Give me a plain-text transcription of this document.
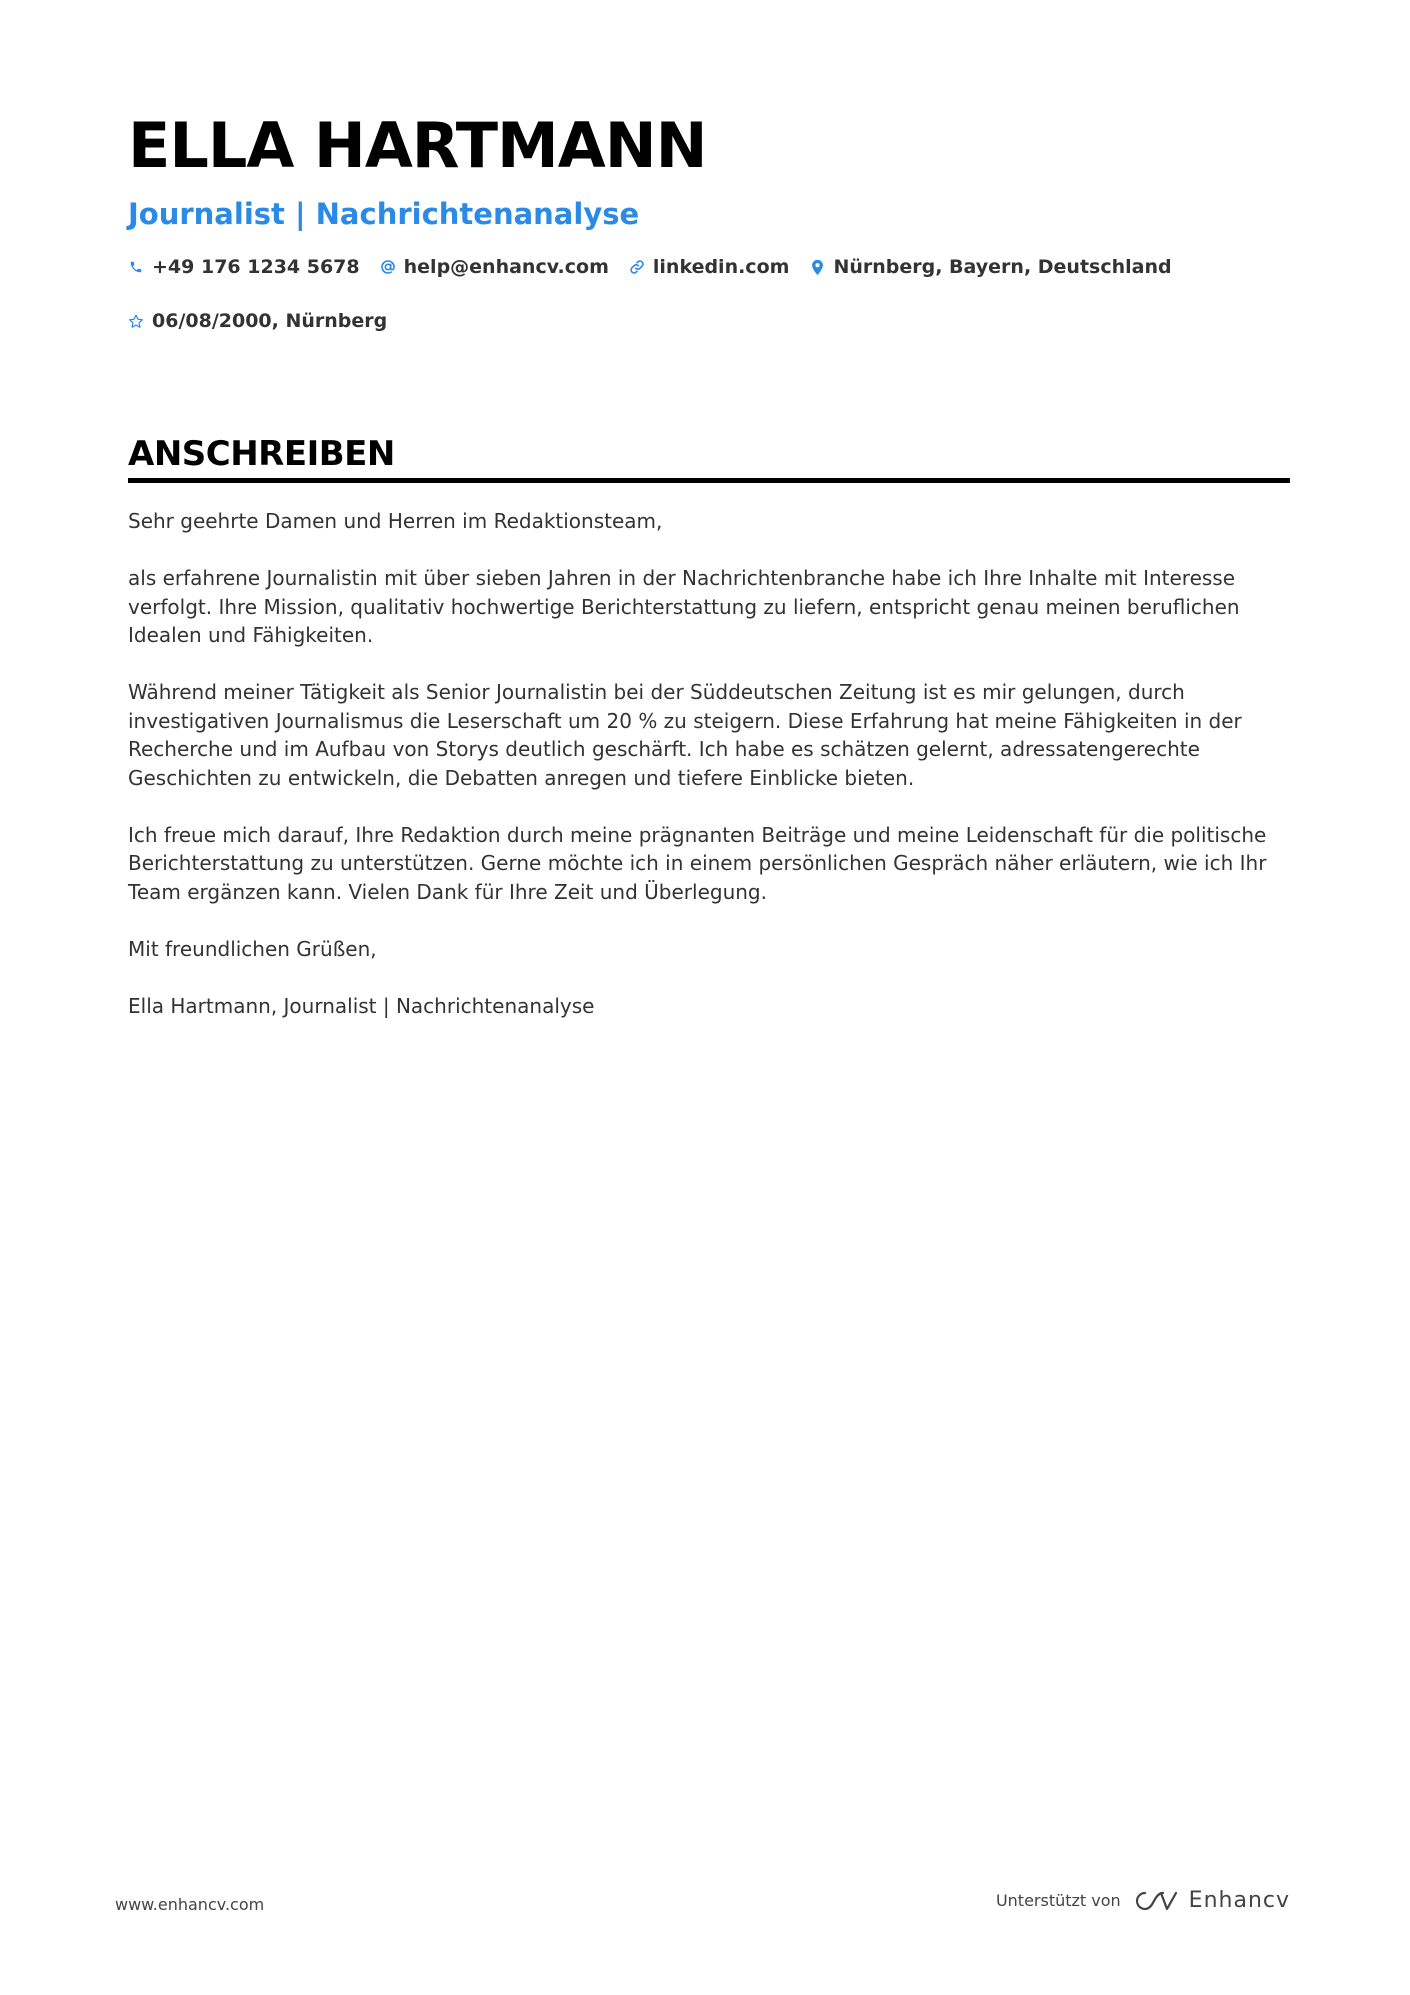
ELLA HARTMANN
Journalist | Nachrichtenanalyse
+49 176 1234 5678 help@enhancv.com linkedin.com Nürnberg, Bayern, Deutschland
06/08/2000, Nürnberg
ANSCHREIBEN

Sehr geehrte Damen und Herren im Redaktionsteam,

als erfahrene Journalistin mit über sieben Jahren in der Nachrichtenbranche habe ich Ihre Inhalte mit Interesse verfolgt. Ihre Mission, qualitativ hochwertige Berichterstattung zu liefern, entspricht genau meinen beruflichen Idealen und Fähigkeiten.

Während meiner Tätigkeit als Senior Journalistin bei der Süddeutschen Zeitung ist es mir gelungen, durch investigativen Journalismus die Leserschaft um 20 % zu steigern. Diese Erfahrung hat meine Fähigkeiten in der Recherche und im Aufbau von Storys deutlich geschärft. Ich habe es schätzen gelernt, adressatengerechte Geschichten zu entwickeln, die Debatten anregen und tiefere Einblicke bieten.

Ich freue mich darauf, Ihre Redaktion durch meine prägnanten Beiträge und meine Leidenschaft für die politische Berichterstattung zu unterstützen. Gerne möchte ich in einem persönlichen Gespräch näher erläutern, wie ich Ihr Team ergänzen kann. Vielen Dank für Ihre Zeit und Überlegung.

Mit freundlichen Grüßen,

Ella Hartmann, Journalist | Nachrichtenanalyse

www.enhancv.com	Unterstützt von	Enhancv
